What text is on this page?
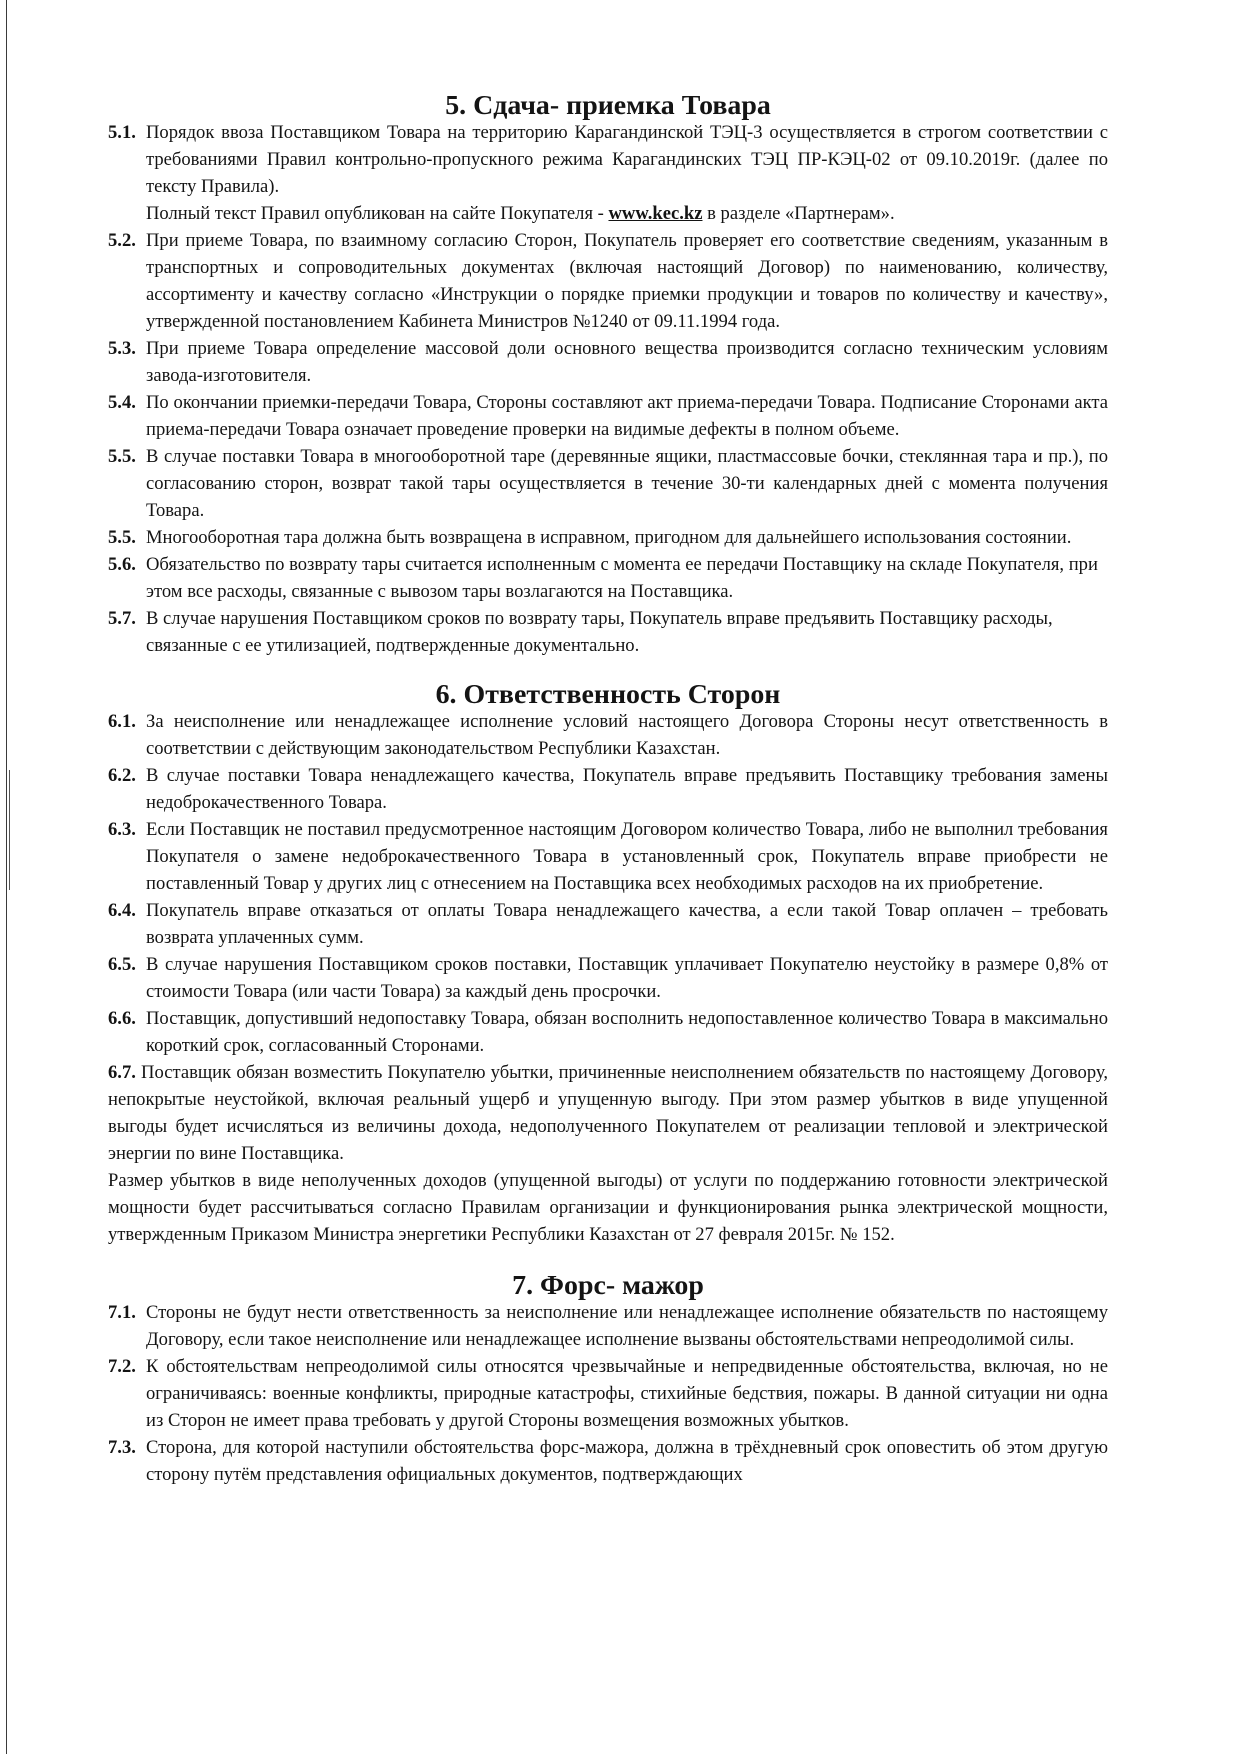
5. Сдача- приемка Товара
5.1. Порядок ввоза Поставщиком Товара на территорию Карагандинской ТЭЦ-3 осуществляется в строгом соответствии с требованиями Правил контрольно-пропускного режима Карагандинских ТЭЦ ПР-КЭЦ-02 от 09.10.2019г. (далее по тексту Правила).

Полный текст Правил опубликован на сайте Покупателя - www.kec.kz в разделе «Партнерам».

5.2. При приеме Товара, по взаимному согласию Сторон, Покупатель проверяет его соответствие сведениям, указанным в транспортных и сопроводительных документах (включая настоящий Договор) по наименованию, количеству, ассортименту и качеству согласно «Инструкции о порядке приемки продукции и товаров по количеству и качеству», утвержденной постановлением Кабинета Министров №1240 от 09.11.1994 года.
5.3. При приеме Товара определение массовой доли основного вещества производится согласно техническим условиям завода-изготовителя.
5.4. По окончании приемки-передачи Товара, Стороны составляют акт приема-передачи Товара. Подписание Сторонами акта приема-передачи Товара означает проведение проверки на видимые дефекты в полном объеме.
5.5. В случае поставки Товара в многооборотной таре (деревянные ящики, пластмассовые бочки, стеклянная тара и пр.), по согласованию сторон, возврат такой тары осуществляется в течение 30-ти календарных дней с момента получения Товара.
5.5. Многооборотная тара должна быть возвращена в исправном, пригодном для дальнейшего использования состоянии.
5.6. Обязательство по возврату тары считается исполненным с момента ее передачи Поставщику на складе Покупателя, при этом все расходы, связанные с вывозом тары возлагаются на Поставщика.
5.7. В случае нарушения Поставщиком сроков по возврату тары, Покупатель вправе предъявить Поставщику расходы, связанные с ее утилизацией, подтвержденные документально.
6. Ответственность Сторон
6.1. За неисполнение или ненадлежащее исполнение условий настоящего Договора Стороны несут ответственность в соответствии с действующим законодательством Республики Казахстан.
6.2. В случае поставки Товара ненадлежащего качества, Покупатель вправе предъявить Поставщику требования замены недоброкачественного Товара.
6.3. Если Поставщик не поставил предусмотренное настоящим Договором количество Товара, либо не выполнил требования Покупателя о замене недоброкачественного Товара в установленный срок, Покупатель вправе приобрести не поставленный Товар у других лиц с отнесением на Поставщика всех необходимых расходов на их приобретение.
6.4. Покупатель вправе отказаться от оплаты Товара ненадлежащего качества, а если такой Товар оплачен – требовать возврата уплаченных сумм.
6.5. В случае нарушения Поставщиком сроков поставки, Поставщик уплачивает Покупателю неустойку в размере 0,8% от стоимости Товара (или части Товара) за каждый день просрочки.
6.6. Поставщик, допустивший недопоставку Товара, обязан восполнить недопоставленное количество Товара в максимально короткий срок, согласованный Сторонами.

6.7. Поставщик обязан возместить Покупателю убытки, причиненные неисполнением обязательств по настоящему Договору, непокрытые неустойкой, включая реальный ущерб и упущенную выгоду. При этом размер убытков в виде упущенной выгоды будет исчисляться из величины дохода, недополученного Покупателем от реализации тепловой и электрической энергии по вине Поставщика.

Размер убытков в виде неполученных доходов (упущенной выгоды) от услуги по поддержанию готовности электрической мощности будет рассчитываться согласно Правилам организации и функционирования рынка электрической мощности, утвержденным Приказом Министра энергетики Республики Казахстан от 27 февраля 2015г. № 152.

7. Форс- мажор
7.1. Стороны не будут нести ответственность за неисполнение или ненадлежащее исполнение обязательств по настоящему Договору, если такое неисполнение или ненадлежащее исполнение вызваны обстоятельствами непреодолимой силы.
7.2. К обстоятельствам непреодолимой силы относятся чрезвычайные и непредвиденные обстоятельства, включая, но не ограничиваясь: военные конфликты, природные катастрофы, стихийные бедствия, пожары. В данной ситуации ни одна из Сторон не имеет права требовать у другой Стороны возмещения возможных убытков.
7.3. Сторона, для которой наступили обстоятельства форс-мажора, должна в трёхдневный срок оповестить об этом другую сторону путём представления официальных документов, подтверждающих
